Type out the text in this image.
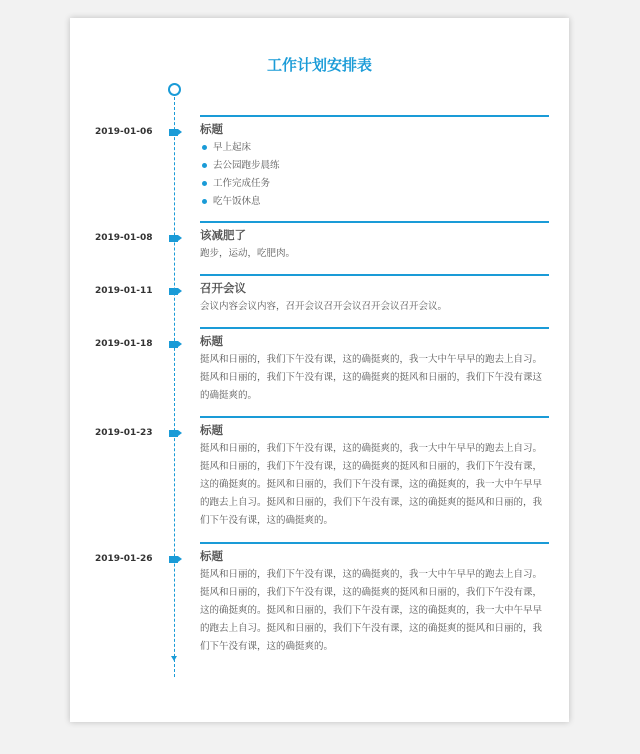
工作计划安排表
2019-01-06	标题
早上起床
去公园跑步晨练
工作完成任务
吃午饭休息
2019-01-08	该减肥了

跑步，运动，吃肥肉。

2019-01-11	召开会议

会议内容会议内容，召开会议召开会议召开会议召开会议。

2019-01-18	标题

挺风和日丽的，我们下午没有课，这的确挺爽的，我一大中午早早的跑去上自习。挺风和日丽的，我们下午没有课，这的确挺爽的挺风和日丽的，我们下午没有课这的确挺爽的。

2019-01-23	标题

挺风和日丽的，我们下午没有课，这的确挺爽的，我一大中午早早的跑去上自习。挺风和日丽的，我们下午没有课，这的确挺爽的挺风和日丽的，我们下午没有课，这的确挺爽的。挺风和日丽的，我们下午没有课，这的确挺爽的，我一大中午早早的跑去上自习。挺风和日丽的，我们下午没有课，这的确挺爽的挺风和日丽的，我们下午没有课，这的确挺爽的。

2019-01-26	标题

挺风和日丽的，我们下午没有课，这的确挺爽的，我一大中午早早的跑去上自习。挺风和日丽的，我们下午没有课，这的确挺爽的挺风和日丽的，我们下午没有课，这的确挺爽的。挺风和日丽的，我们下午没有课，这的确挺爽的，我一大中午早早的跑去上自习。挺风和日丽的，我们下午没有课，这的确挺爽的挺风和日丽的，我们下午没有课，这的确挺爽的。
